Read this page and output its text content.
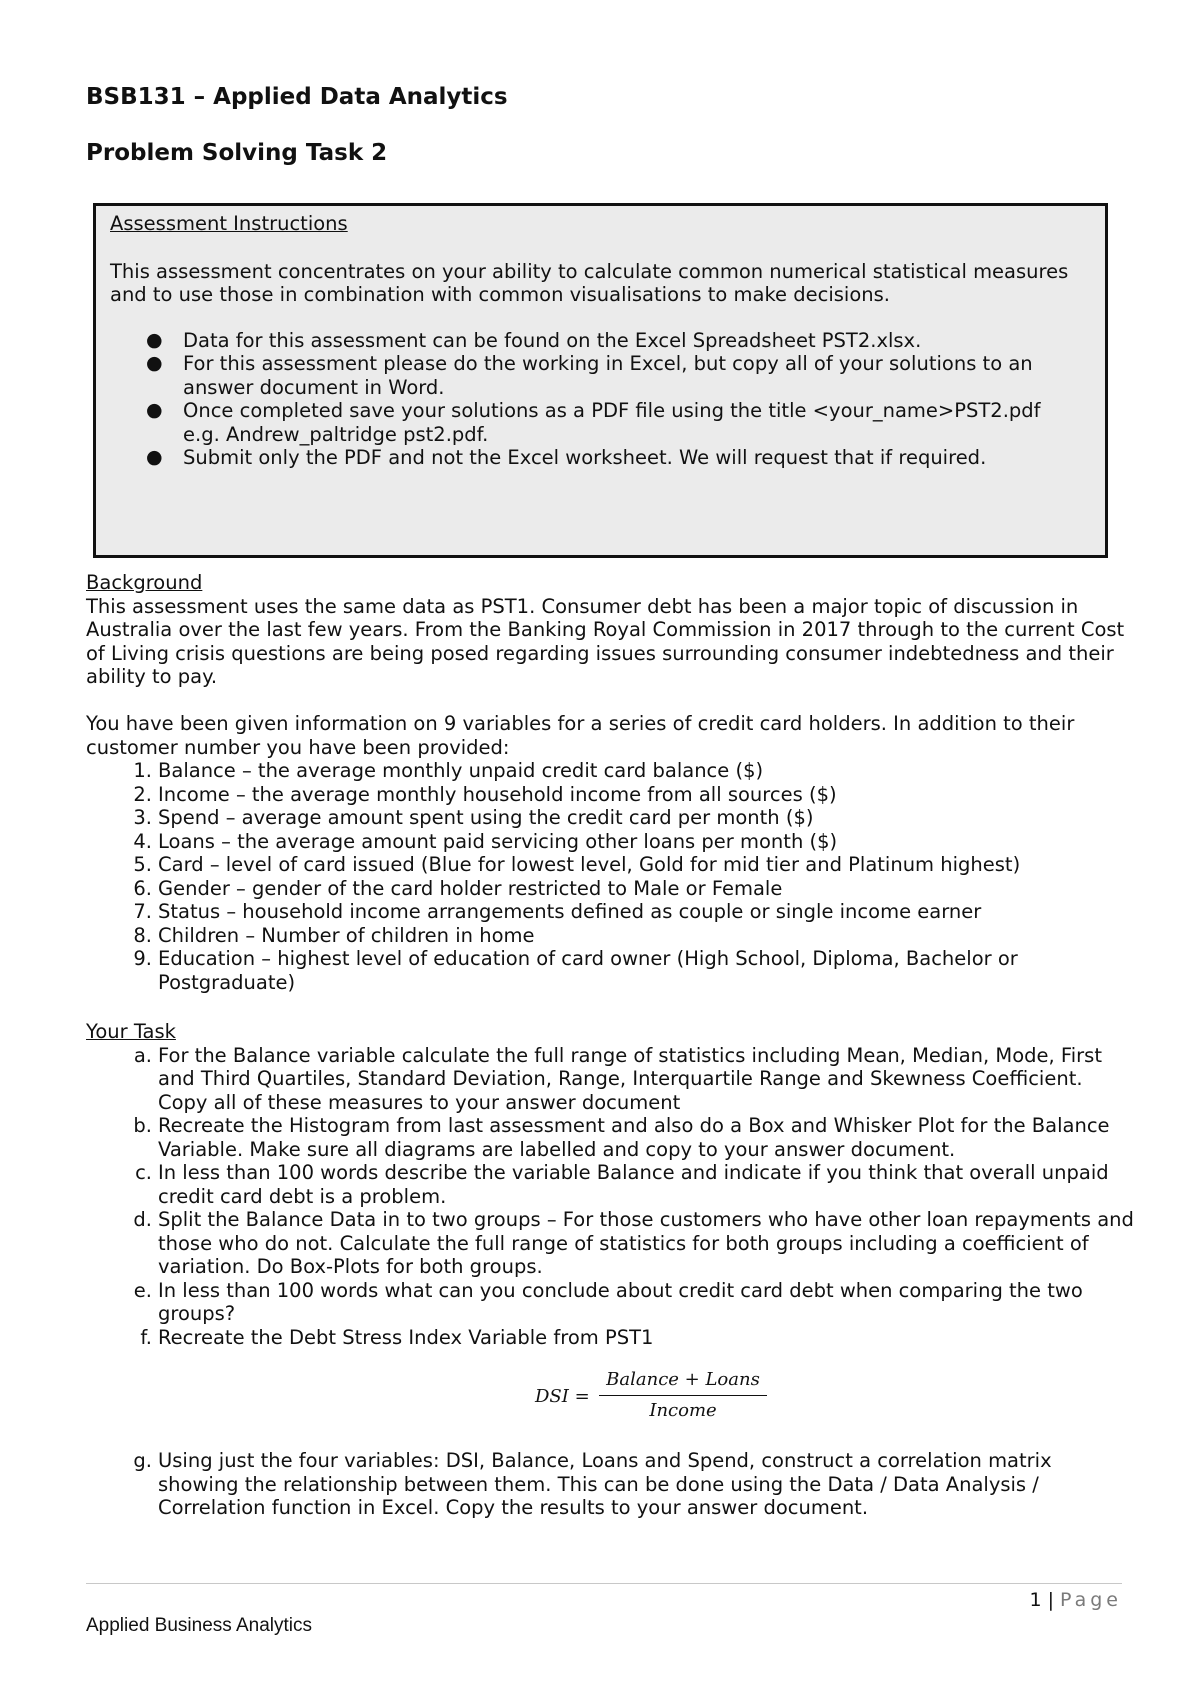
BSB131 – Applied Data Analytics
Problem Solving Task 2
Assessment Instructions

This assessment concentrates on your ability to calculate common numerical statistical measures and to use those in combination with common visualisations to make decisions.

● Data for this assessment can be found on the Excel Spreadsheet PST2.xlsx.
● For this assessment please do the working in Excel, but copy all of your solutions to an answer document in Word.
● Once completed save your solutions as a PDF file using the title <your_name>PST2.pdf e.g. Andrew_paltridge pst2.pdf.
● Submit only the PDF and not the Excel worksheet. We will request that if required.
Background

This assessment uses the same data as PST1. Consumer debt has been a major topic of discussion in Australia over the last few years. From the Banking Royal Commission in 2017 through to the current Cost of Living crisis questions are being posed regarding issues surrounding consumer indebtedness and their ability to pay.

You have been given information on 9 variables for a series of credit card holders. In addition to their customer number you have been provided:

1. Balance – the average monthly unpaid credit card balance ($)
2. Income – the average monthly household income from all sources ($)
3. Spend – average amount spent using the credit card per month ($)
4. Loans – the average amount paid servicing other loans per month ($)
5. Card – level of card issued (Blue for lowest level, Gold for mid tier and Platinum highest)
6. Gender – gender of the card holder restricted to Male or Female
7. Status – household income arrangements defined as couple or single income earner
8. Children – Number of children in home
9. Education – highest level of education of card owner (High School, Diploma, Bachelor or Postgraduate)
Your Task
a. For the Balance variable calculate the full range of statistics including Mean, Median, Mode, First and Third Quartiles, Standard Deviation, Range, Interquartile Range and Skewness Coefficient. Copy all of these measures to your answer document
b. Recreate the Histogram from last assessment and also do a Box and Whisker Plot for the Balance Variable. Make sure all diagrams are labelled and copy to your answer document.
c. In less than 100 words describe the variable Balance and indicate if you think that overall unpaid credit card debt is a problem.
d. Split the Balance Data in to two groups – For those customers who have other loan repayments and those who do not. Calculate the full range of statistics for both groups including a coefficient of variation. Do Box-Plots for both groups.
e. In less than 100 words what can you conclude about credit card debt when comparing the two groups?
f. Recreate the Debt Stress Index Variable from PST1
DSI =
Balance + Loans
Income
g. Using just the four variables: DSI, Balance, Loans and Spend, construct a correlation matrix showing the relationship between them. This can be done using the Data / Data Analysis / Correlation function in Excel. Copy the results to your answer document.
1 | Page
Applied Business Analytics
